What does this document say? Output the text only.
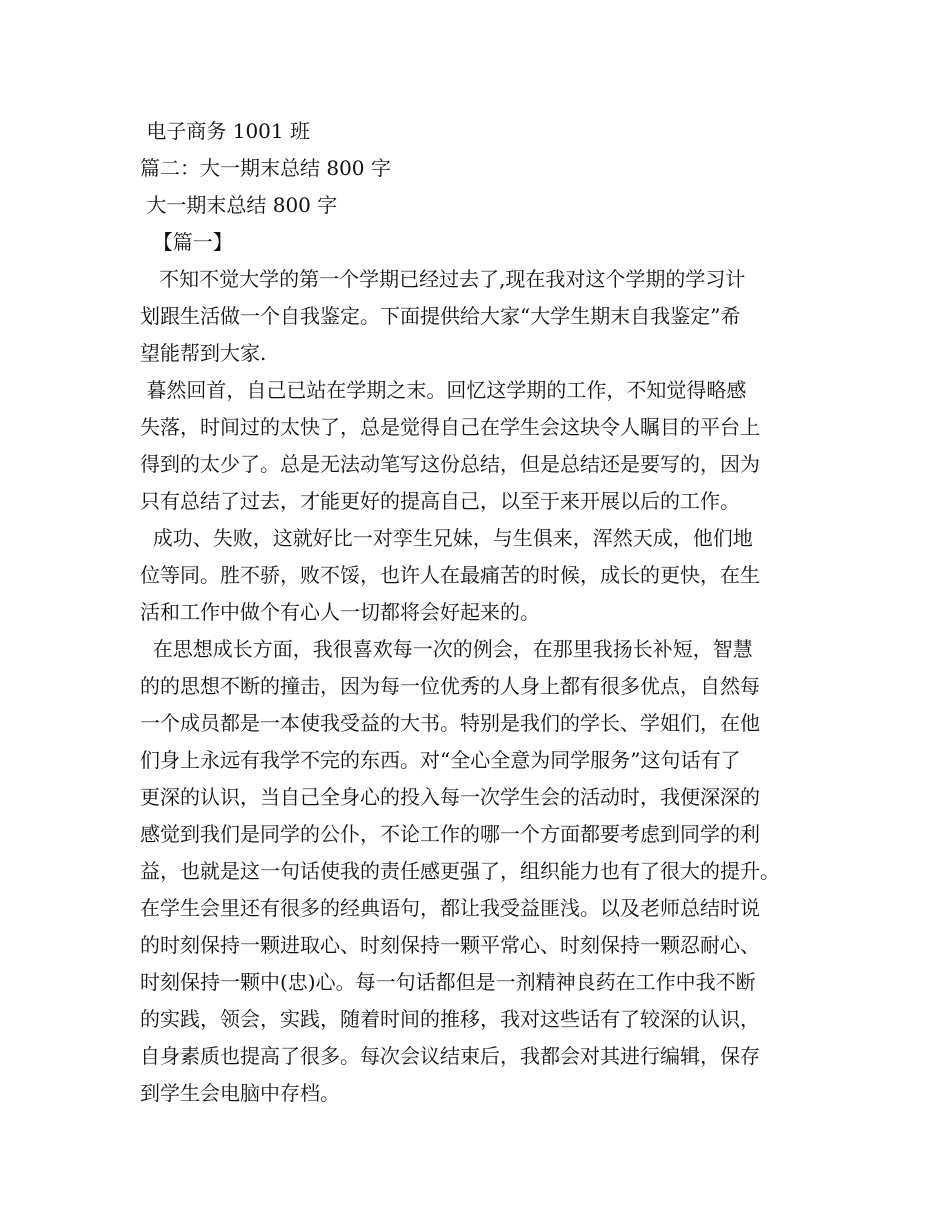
电子商务 1001 班
篇二：大一期末总结 800 字
大一期末总结 800 字
【篇一】
不知不觉大学的第一个学期已经过去了,现在我对这个学期的学习计
划跟生活做一个自我鉴定。下面提供给大家“大学生期末自我鉴定”希
望能帮到大家.
暮然回首，自己已站在学期之末。回忆这学期的工作，不知觉得略感
失落，时间过的太快了，总是觉得自己在学生会这块令人瞩目的平台上
得到的太少了。总是无法动笔写这份总结，但是总结还是要写的，因为
只有总结了过去，才能更好的提高自己，以至于来开展以后的工作。
成功、失败，这就好比一对孪生兄妹，与生俱来，浑然天成，他们地
位等同。胜不骄，败不馁，也许人在最痛苦的时候，成长的更快，在生
活和工作中做个有心人一切都将会好起来的。
在思想成长方面，我很喜欢每一次的例会，在那里我扬长补短，智慧
的的思想不断的撞击，因为每一位优秀的人身上都有很多优点，自然每
一个成员都是一本使我受益的大书。特别是我们的学长、学姐们，在他
们身上永远有我学不完的东西。对“全心全意为同学服务”这句话有了
更深的认识，当自己全身心的投入每一次学生会的活动时，我便深深的
感觉到我们是同学的公仆，不论工作的哪一个方面都要考虑到同学的利
益，也就是这一句话使我的责任感更强了，组织能力也有了很大的提升。
在学生会里还有很多的经典语句，都让我受益匪浅。以及老师总结时说
的时刻保持一颗进取心、时刻保持一颗平常心、时刻保持一颗忍耐心、
时刻保持一颗中(忠)心。每一句话都但是一剂精神良药在工作中我不断
的实践，领会，实践，随着时间的推移，我对这些话有了较深的认识，
自身素质也提高了很多。每次会议结束后，我都会对其进行编辑，保存
到学生会电脑中存档。
